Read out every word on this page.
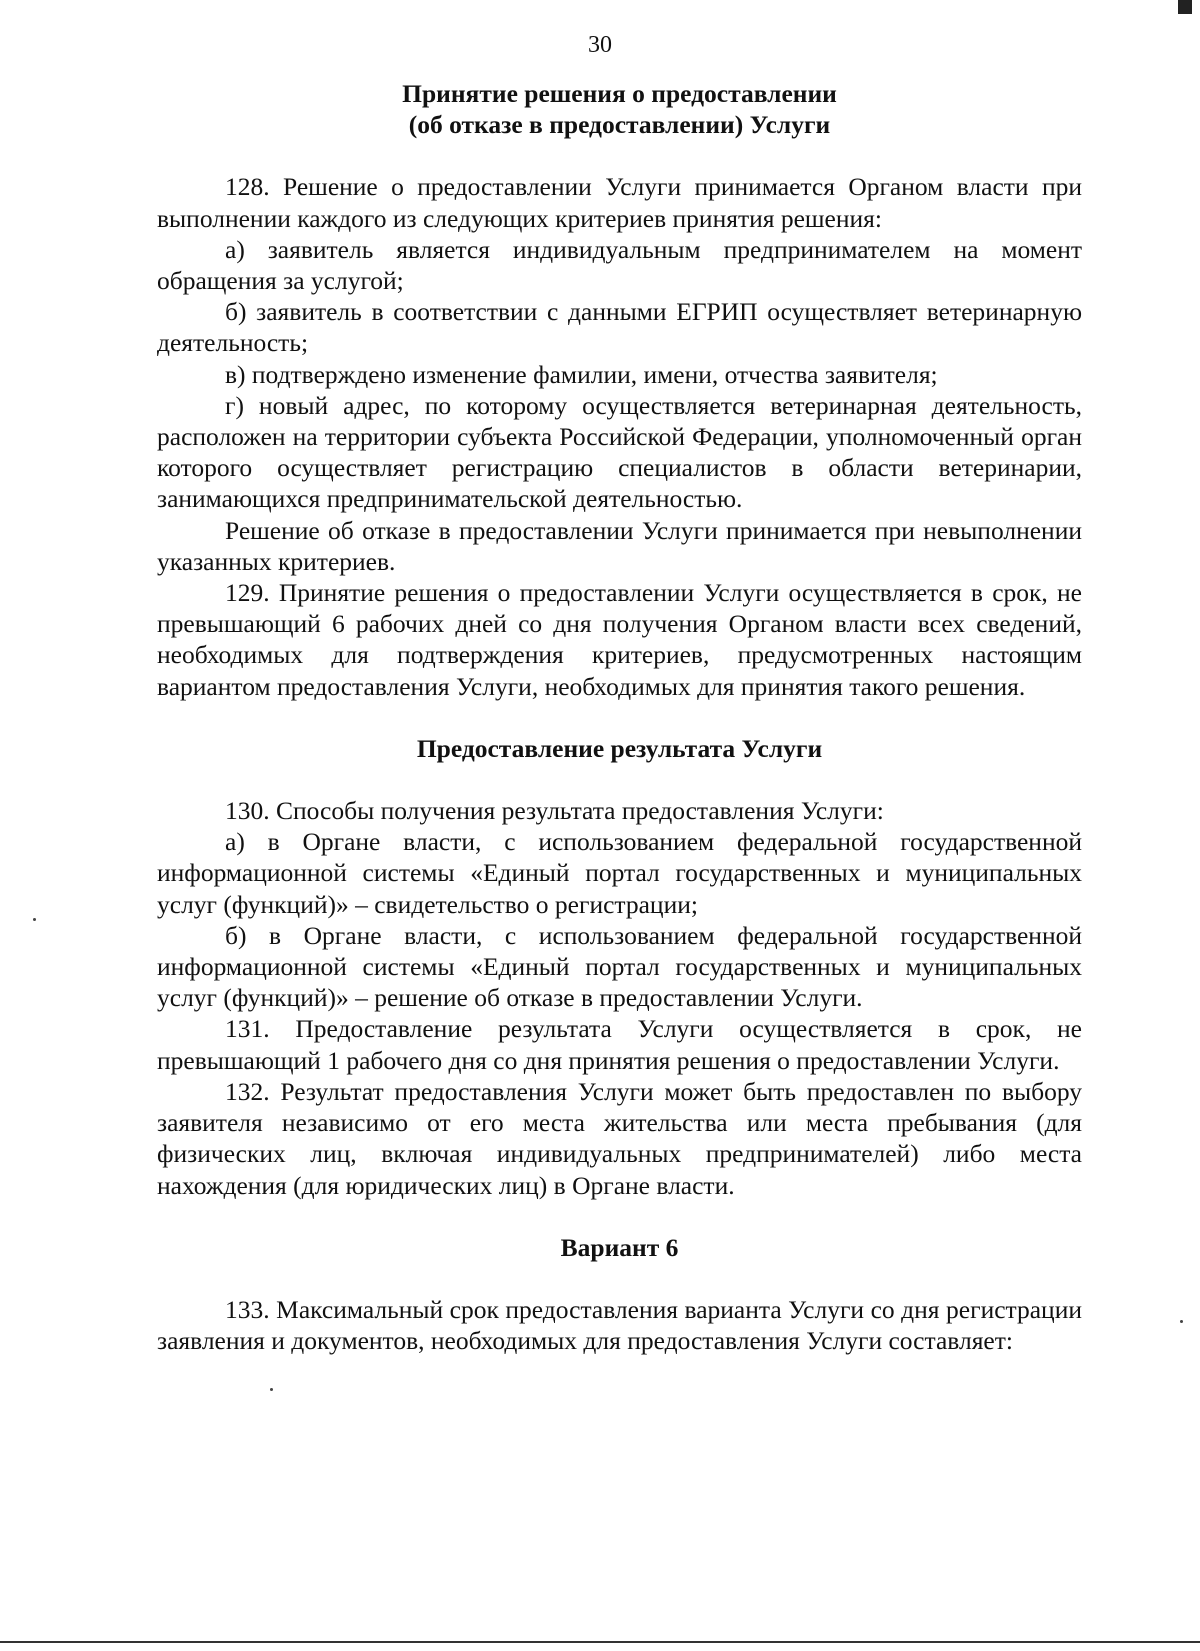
30
Принятие решения о предоставлении
(об отказе в предоставлении) Услуги

128. Решение о предоставлении Услуги принимается Органом власти при выполнении каждого из следующих критериев принятия решения:

а) заявитель является индивидуальным предпринимателем на момент обращения за услугой;

б) заявитель в соответствии с данными ЕГРИП осуществляет ветеринарную деятельность;

в) подтверждено изменение фамилии, имени, отчества заявителя;

г) новый адрес, по которому осуществляется ветеринарная деятельность, расположен на территории субъекта Российской Федерации, уполномоченный орган которого осуществляет регистрацию специалистов в области ветеринарии, занимающихся предпринимательской деятельностью.

Решение об отказе в предоставлении Услуги принимается при невыполнении указанных критериев.

129. Принятие решения о предоставлении Услуги осуществляется в срок, не превышающий 6 рабочих дней со дня получения Органом власти всех сведений, необходимых для подтверждения критериев, предусмотренных настоящим вариантом предоставления Услуги, необходимых для принятия такого решения.

Предоставление результата Услуги

130. Способы получения результата предоставления Услуги:

а) в Органе власти, с использованием федеральной государственной информационной системы «Единый портал государственных и муниципальных услуг (функций)» – свидетельство о регистрации;

б) в Органе власти, с использованием федеральной государственной информационной системы «Единый портал государственных и муниципальных услуг (функций)» – решение об отказе в предоставлении Услуги.

131. Предоставление результата Услуги осуществляется в срок, не превышающий 1 рабочего дня со дня принятия решения о предоставлении Услуги.

132. Результат предоставления Услуги может быть предоставлен по выбору заявителя независимо от его места жительства или места пребывания (для физических лиц, включая индивидуальных предпринимателей) либо места нахождения (для юридических лиц) в Органе власти.

Вариант 6

133. Максимальный срок предоставления варианта Услуги со дня регистрации заявления и документов, необходимых для предоставления Услуги составляет:
